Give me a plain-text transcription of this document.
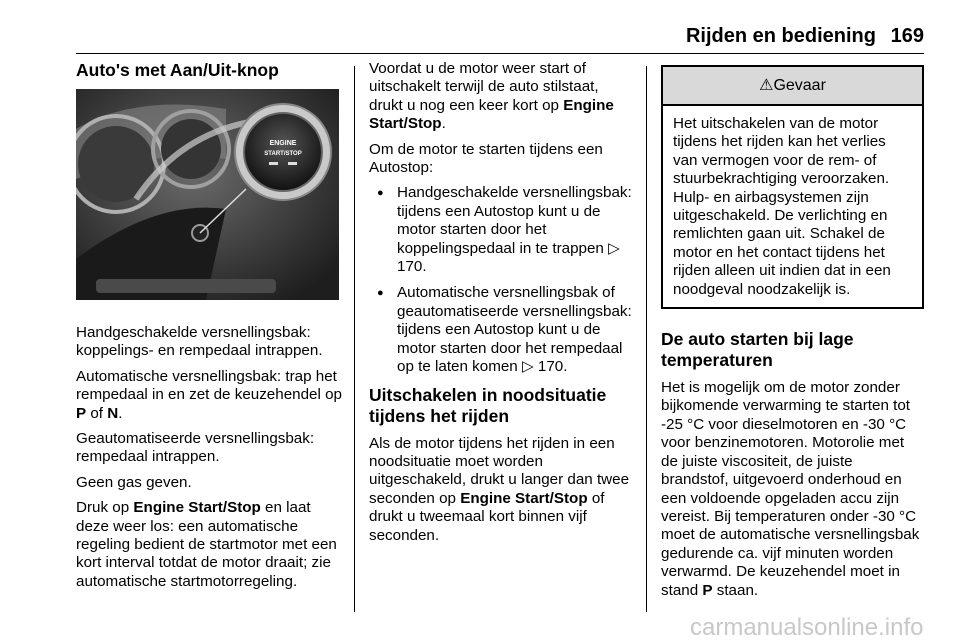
Rijden en bediening 169
Auto's met Aan/Uit-knop
ENGINE
START/STOP

Handgeschakelde versnellingsbak: koppelings- en rempedaal intrappen.

Automatische versnellingsbak: trap het rempedaal in en zet de keuzehendel op P of N.

Geautomatiseerde versnellingsbak: rempedaal intrappen.

Geen gas geven.

Druk op Engine Start/Stop en laat deze weer los: een automatische regeling bedient de startmotor met een kort interval totdat de motor draait; zie automatische startmotorregeling.

Voordat u de motor weer start of uitschakelt terwijl de auto stilstaat, drukt u nog een keer kort op Engine Start/Stop.

Om de motor te starten tijdens een Autostop:

● Handgeschakelde versnellingsbak: tijdens een Autostop kunt u de motor starten door het koppelingspedaal in te trappen ▷ 170.
● Automatische versnellingsbak of geautomatiseerde versnellingsbak: tijdens een Autostop kunt u de motor starten door het rempedaal op te laten komen ▷ 170.
Uitschakelen in noodsituatie tijdens het rijden

Als de motor tijdens het rijden in een noodsituatie moet worden uitgeschakeld, drukt u langer dan twee seconden op Engine Start/Stop of drukt u tweemaal kort binnen vijf seconden.

⚠Gevaar
Het uitschakelen van de motor tijdens het rijden kan het verlies van vermogen voor de rem- of stuurbekrachtiging veroorzaken. Hulp- en airbagsystemen zijn uitgeschakeld. De verlichting en remlichten gaan uit. Schakel de motor en het contact tijdens het rijden alleen uit indien dat in een noodgeval noodzakelijk is.
De auto starten bij lage temperaturen

Het is mogelijk om de motor zonder bijkomende verwarming te starten tot -25 °C voor dieselmotoren en -30 °C voor benzinemotoren. Motorolie met de juiste viscositeit, de juiste brandstof, uitgevoerd onderhoud en een voldoende opgeladen accu zijn vereist. Bij temperaturen onder -30 °C moet de automatische versnellingsbak gedurende ca. vijf minuten worden verwarmd. De keuzehendel moet in stand P staan.

carmanualsonline.info
